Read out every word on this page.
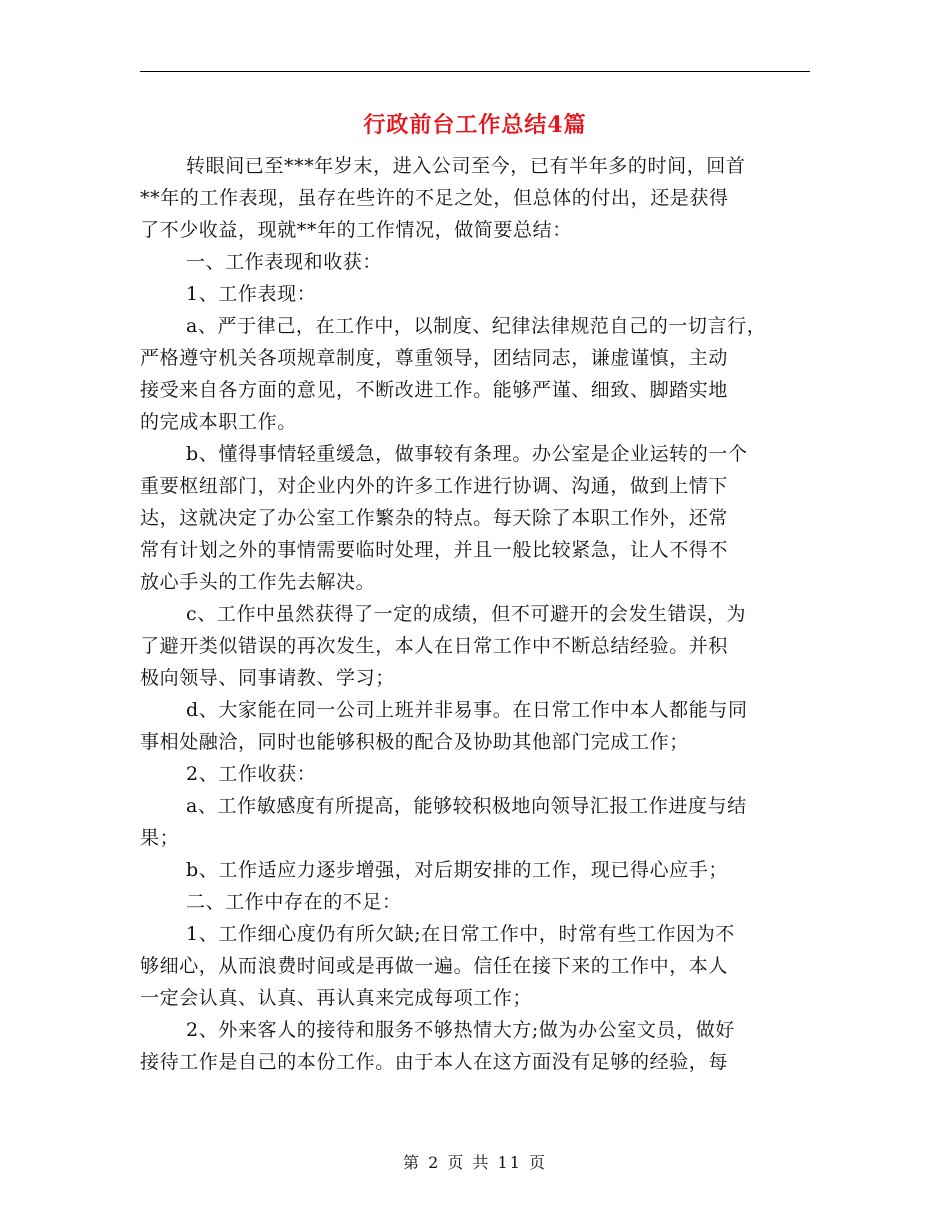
行政前台工作总结4篇
转眼间已至***年岁末，进入公司至今，已有半年多的时间，回首
**年的工作表现，虽存在些许的不足之处，但总体的付出，还是获得
了不少收益，现就**年的工作情况，做简要总结：
一、工作表现和收获：
1、工作表现：
a、严于律己，在工作中，以制度、纪律法律规范自己的一切言行，
严格遵守机关各项规章制度，尊重领导，团结同志，谦虚谨慎，主动
接受来自各方面的意见，不断改进工作。能够严谨、细致、脚踏实地
的完成本职工作。
b、懂得事情轻重缓急，做事较有条理。办公室是企业运转的一个
重要枢纽部门，对企业内外的许多工作进行协调、沟通，做到上情下
达，这就决定了办公室工作繁杂的特点。每天除了本职工作外，还常
常有计划之外的事情需要临时处理，并且一般比较紧急，让人不得不
放心手头的工作先去解决。
c、工作中虽然获得了一定的成绩，但不可避开的会发生错误，为
了避开类似错误的再次发生，本人在日常工作中不断总结经验。并积
极向领导、同事请教、学习；
d、大家能在同一公司上班并非易事。在日常工作中本人都能与同
事相处融洽，同时也能够积极的配合及协助其他部门完成工作；
2、工作收获：
a、工作敏感度有所提高，能够较积极地向领导汇报工作进度与结
果；
b、工作适应力逐步增强，对后期安排的工作，现已得心应手；
二、工作中存在的不足：
1、工作细心度仍有所欠缺;在日常工作中，时常有些工作因为不
够细心，从而浪费时间或是再做一遍。信任在接下来的工作中，本人
一定会认真、认真、再认真来完成每项工作；
2、外来客人的接待和服务不够热情大方;做为办公室文员，做好
接待工作是自己的本份工作。由于本人在这方面没有足够的经验，每
第 2 页 共 11 页
